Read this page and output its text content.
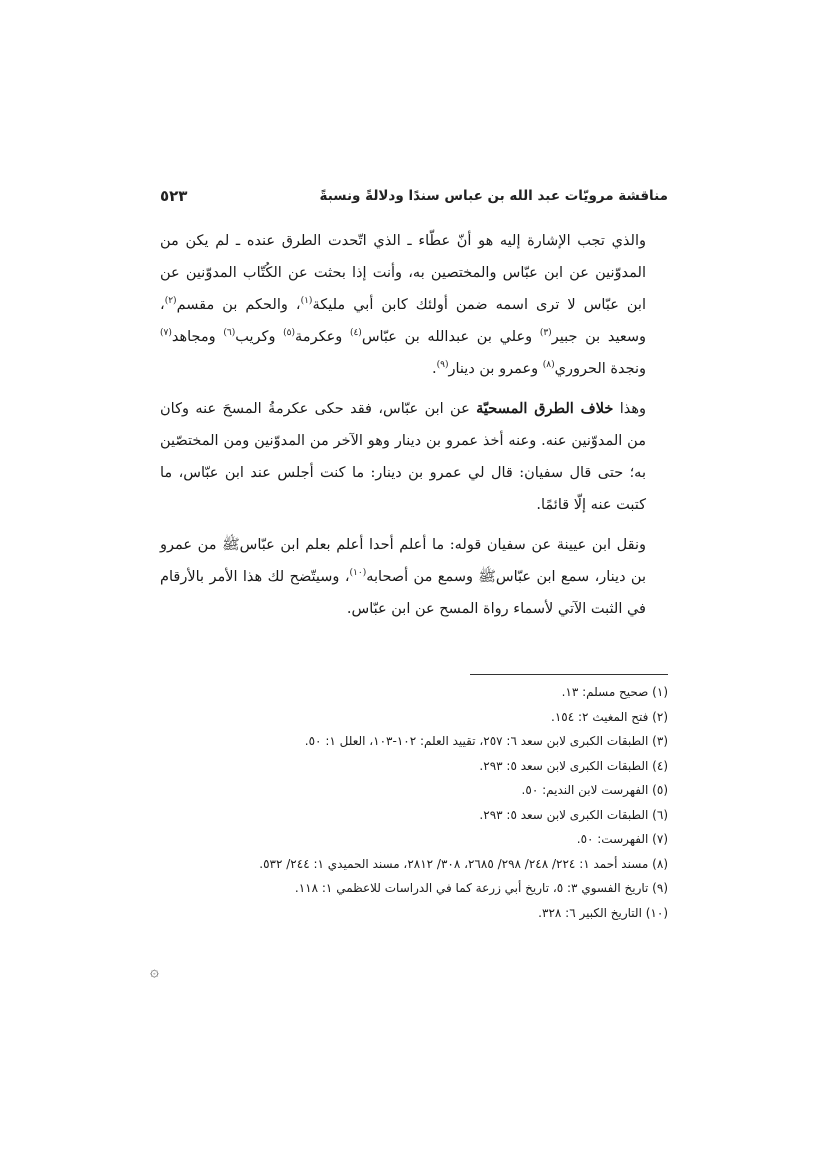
مناقشة مرويّات عبد الله بن عباس سندًا ودلالةً ونسبةً
٥٢٣

والذي تجب الإشارة إليه هو أنّ عطّاء ـ الذي اتّحدت الطرق عنده ـ لم يكن من المدوّنين عن ابن عبّاس والمختصين به، وأنت إذا بحثت عن الكُتّاب المدوّنين عن ابن عبّاس لا ترى اسمه ضمن أولئك كابن أبي مليكة$^{(١)}$، والحكم بن مقسم$^{(٢)}$، وسعيد بن جبير$^{(٣)}$ وعلي بن عبدالله بن عبّاس$^{(٤)}$ وعكرمة$^{(٥)}$ وكريب$^{(٦)}$ ومجاهد$^{(٧)}$ ونجدة الحروري$^{(٨)}$ وعمرو بن دينار$^{(٩)}$.

وهذا خلاف الطرق المسحيّة عن ابن عبّاس، فقد حكى عكرمةُ المسحَ عنه وكان من المدوّنين عنه. وعنه أخذ عمرو بن دينار وهو الآخر من المدوّنين ومن المختصّين به؛ حتى قال سفيان: قال لي عمرو بن دينار: ما كنت أجلس عند ابن عبّاس، ما كتبت عنه إلّا قائمًا.

ونقل ابن عيينة عن سفيان قوله: ما أعلم أحدا أعلم بعلم ابن عبّاسﷺ من عمرو بن دينار، سمع ابن عبّاسﷺ وسمع من أصحابه$^{(١٠)}$، وسيتّضح لك هذا الأمر بالأرقام في الثبت الآتي لأسماء رواة المسح عن ابن عبّاس.

(١) صحيح مسلم: ١٣.
(٢) فتح المغيث ٢: ١٥٤.
(٣) الطبقات الكبرى لابن سعد ٦: ٢٥٧، تقييد العلم: ١٠٢-١٠٣، العلل ١: ٥٠.
(٤) الطبقات الكبرى لابن سعد ٥: ٢٩٣.
(٥) الفهرست لابن النديم: ٥٠.
(٦) الطبقات الكبرى لابن سعد ٥: ٢٩٣.
(٧) الفهرست: ٥٠.
(٨) مسند أحمد ١: ٢٢٤/ ٢٤٨/ ٢٩٨/ ٢٦٨٥، ٣٠٨/ ٢٨١٢، مسند الحميدي ١: ٢٤٤/ ٥٣٢.
(٩) تاريخ الفسوي ٣: ٥، تاريخ أبي زرعة كما في الدراسات للاعظمي ١: ١١٨.
(١٠) التاريخ الكبير ٦: ٣٢٨.
۞
